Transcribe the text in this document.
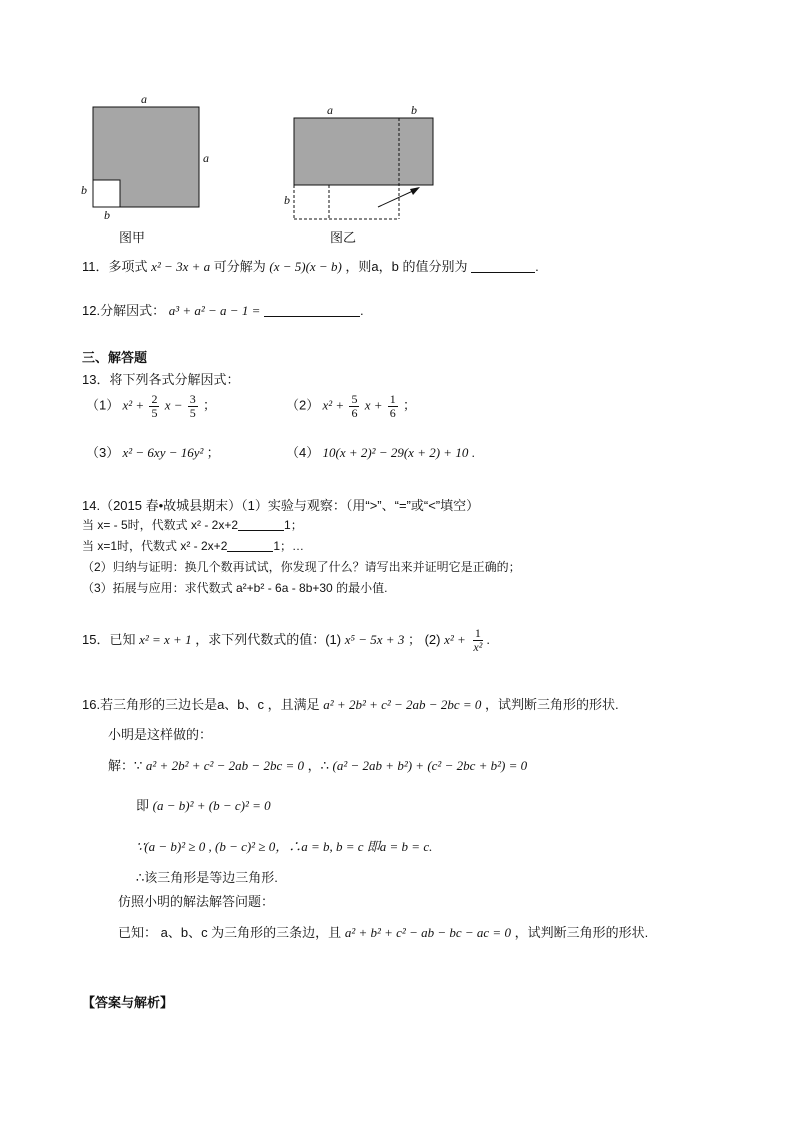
a
a
b
b
图甲
a	b
b
图乙
11．多项式 x² − 3x + a 可分解为 (x − 5)(x − b) ，则a，b 的值分别为	.
12.分解因式： a³ + a² − a − 1 =	.
三、解答题
13．将下列各式分解因式：
（1） $x^2 + \frac{2}{5}$ $x - \frac{3}{5}$ ；	（2） $x^2 + \frac{5}{6}$ $x + \frac{1}{6}$ ；
（3） x² − 6xy − 16y² ；	（4） 10(x + 2)² − 29(x + 2) + 10 .
14.（2015 春•故城县期末）（1）实验与观察：（用“>”、“=”或“<”填空）
当 x= - 5时，代数式 x² - 2x+2	1；
当 x=1时，代数式 x² - 2x+2	1；…
（2）归纳与证明：换几个数再试试，你发现了什么？请写出来并证明它是正确的；
（3）拓展与应用：求代数式 a²+b² - 6a - 8b+30 的最小值.
15．已知 x² = x + 1 ，求下列代数式的值：(1) x⁵ − 5x + 3 ； (2) $x^2 + \frac{1}{\text{x²}}$ .
16.若三角形的三边长是a、b、c ，且满足 a² + 2b² + c² − 2ab − 2bc = 0 ，试判断三角形的形状.
小明是这样做的：
解：∵ a² + 2b² + c² − 2ab − 2bc = 0 ，∴ (a² − 2ab + b²) + (c² − 2bc + b²) = 0
即 (a − b)² + (b − c)² = 0
∵(a − b)² ≥ 0 , (b − c)² ≥ 0，∴a = b, b = c 即a = b = c.
∴该三角形是等边三角形.
仿照小明的解法解答问题：
已知： a、b、c 为三角形的三条边，且 a² + b² + c² − ab − bc − ac = 0 ，试判断三角形的形状.
【答案与解析】
